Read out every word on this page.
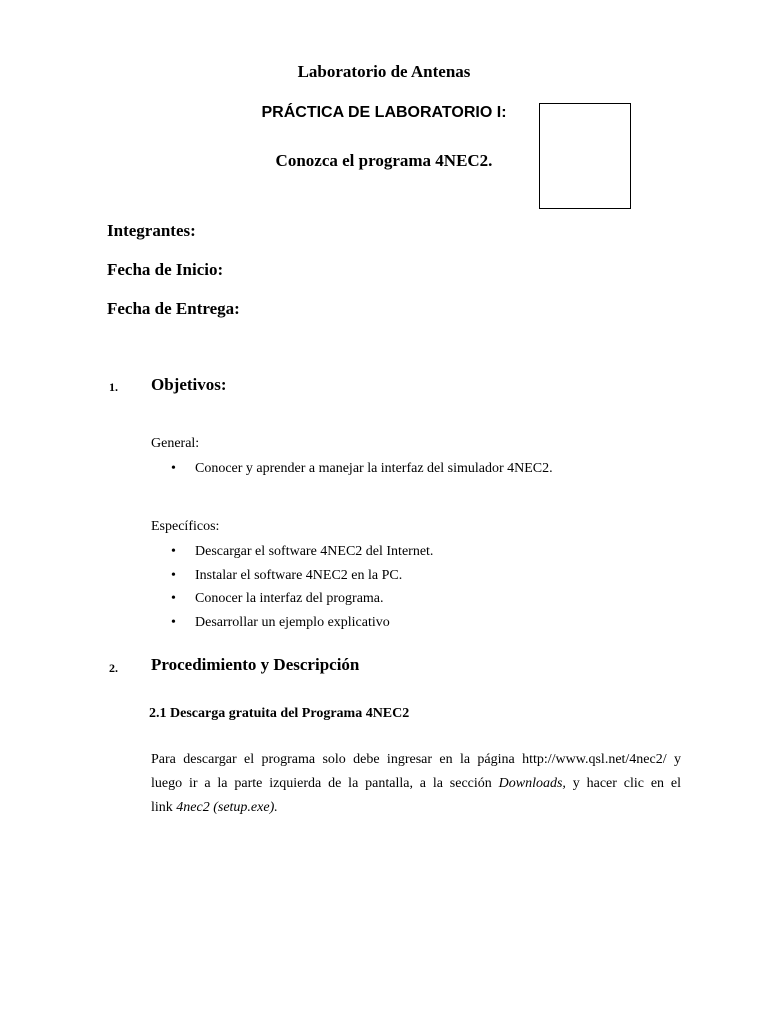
Laboratorio de Antenas
PRÁCTICA DE LABORATORIO I:
Conozca el programa 4NEC2.
Integrantes:
Fecha de Inicio:
Fecha de Entrega:
1. Objetivos:
General:
• Conocer y aprender a manejar la interfaz del simulador 4NEC2.
Específicos:
• Descargar el software 4NEC2 del Internet.
• Instalar el software 4NEC2 en la PC.
• Conocer la interfaz del programa.
• Desarrollar un ejemplo explicativo
2. Procedimiento y Descripción
2.1 Descarga gratuita del Programa 4NEC2
Para descargar el programa solo debe ingresar en la página http://www.qsl.net/4nec2/ y
luego ir a la parte izquierda de la pantalla, a la sección Downloads, y hacer clic en el
link 4nec2 (setup.exe).
